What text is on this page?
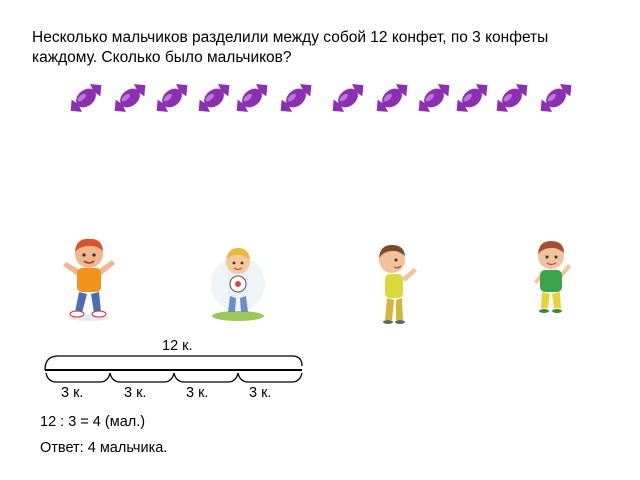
Несколько мальчиков разделили между собой 12 конфет, по 3 конфеты
каждому. Сколько было мальчиков?
12 к.
3 к.	3 к.	3 к.	3 к.
12 : 3 = 4 (мал.)
Ответ: 4 мальчика.
